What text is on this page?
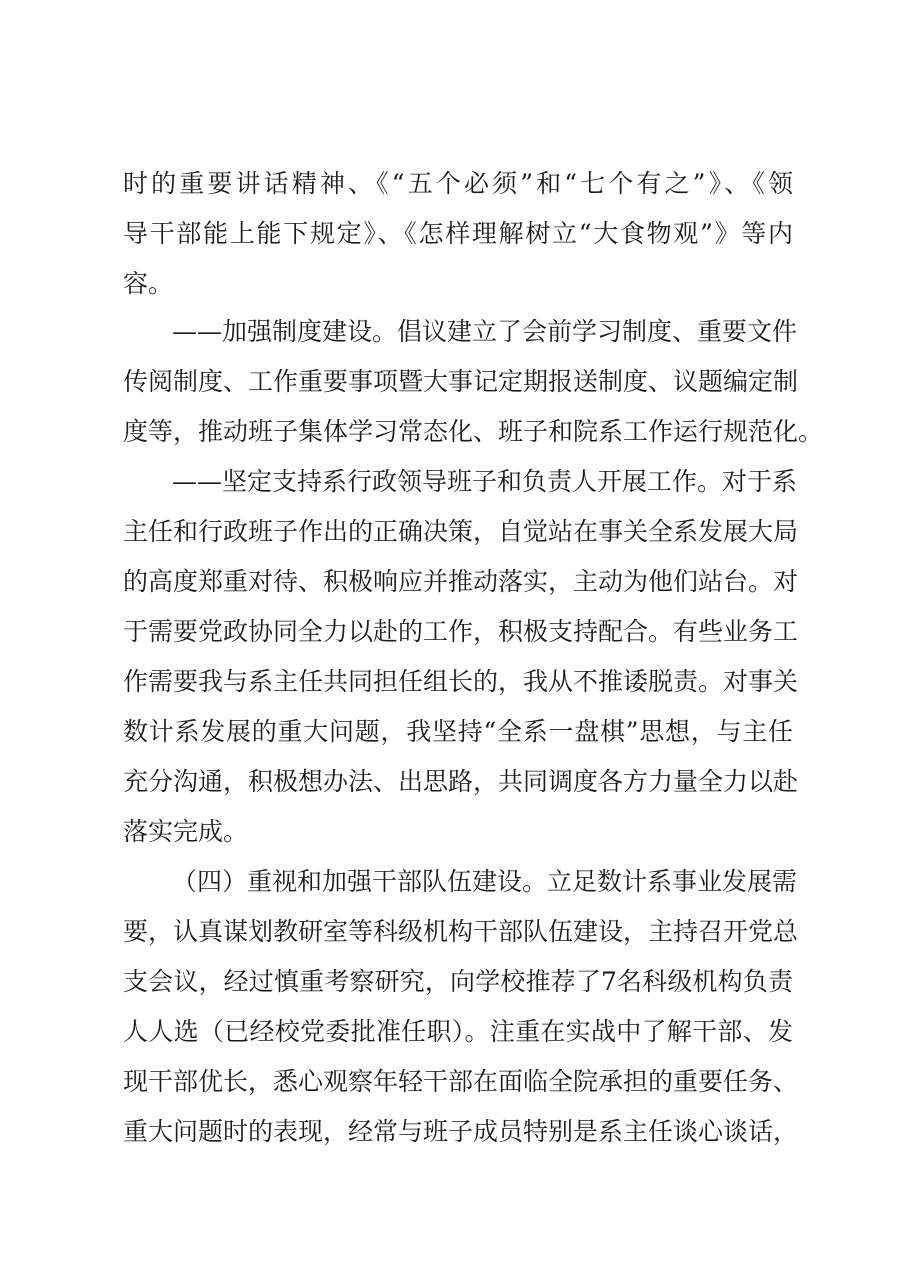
时的重要讲话精神、《“五个必须”和“七个有之”》、《领
导干部能上能下规定》、《怎样理解树立“大食物观”》等内
容。
——加强制度建设。倡议建立了会前学习制度、重要文件
传阅制度、工作重要事项暨大事记定期报送制度、议题编定制
度等，推动班子集体学习常态化、班子和院系工作运行规范化。
——坚定支持系行政领导班子和负责人开展工作。对于系
主任和行政班子作出的正确决策，自觉站在事关全系发展大局
的高度郑重对待、积极响应并推动落实，主动为他们站台。对
于需要党政协同全力以赴的工作，积极支持配合。有些业务工
作需要我与系主任共同担任组长的，我从不推诿脱责。对事关
数计系发展的重大问题，我坚持“全系一盘棋”思想，与主任
充分沟通，积极想办法、出思路，共同调度各方力量全力以赴
落实完成。
（四）重视和加强干部队伍建设。立足数计系事业发展需
要，认真谋划教研室等科级机构干部队伍建设，主持召开党总
支会议，经过慎重考察研究，向学校推荐了7名科级机构负责
人人选（已经校党委批准任职）。注重在实战中了解干部、发
现干部优长，悉心观察年轻干部在面临全院承担的重要任务、
重大问题时的表现，经常与班子成员特别是系主任谈心谈话，
